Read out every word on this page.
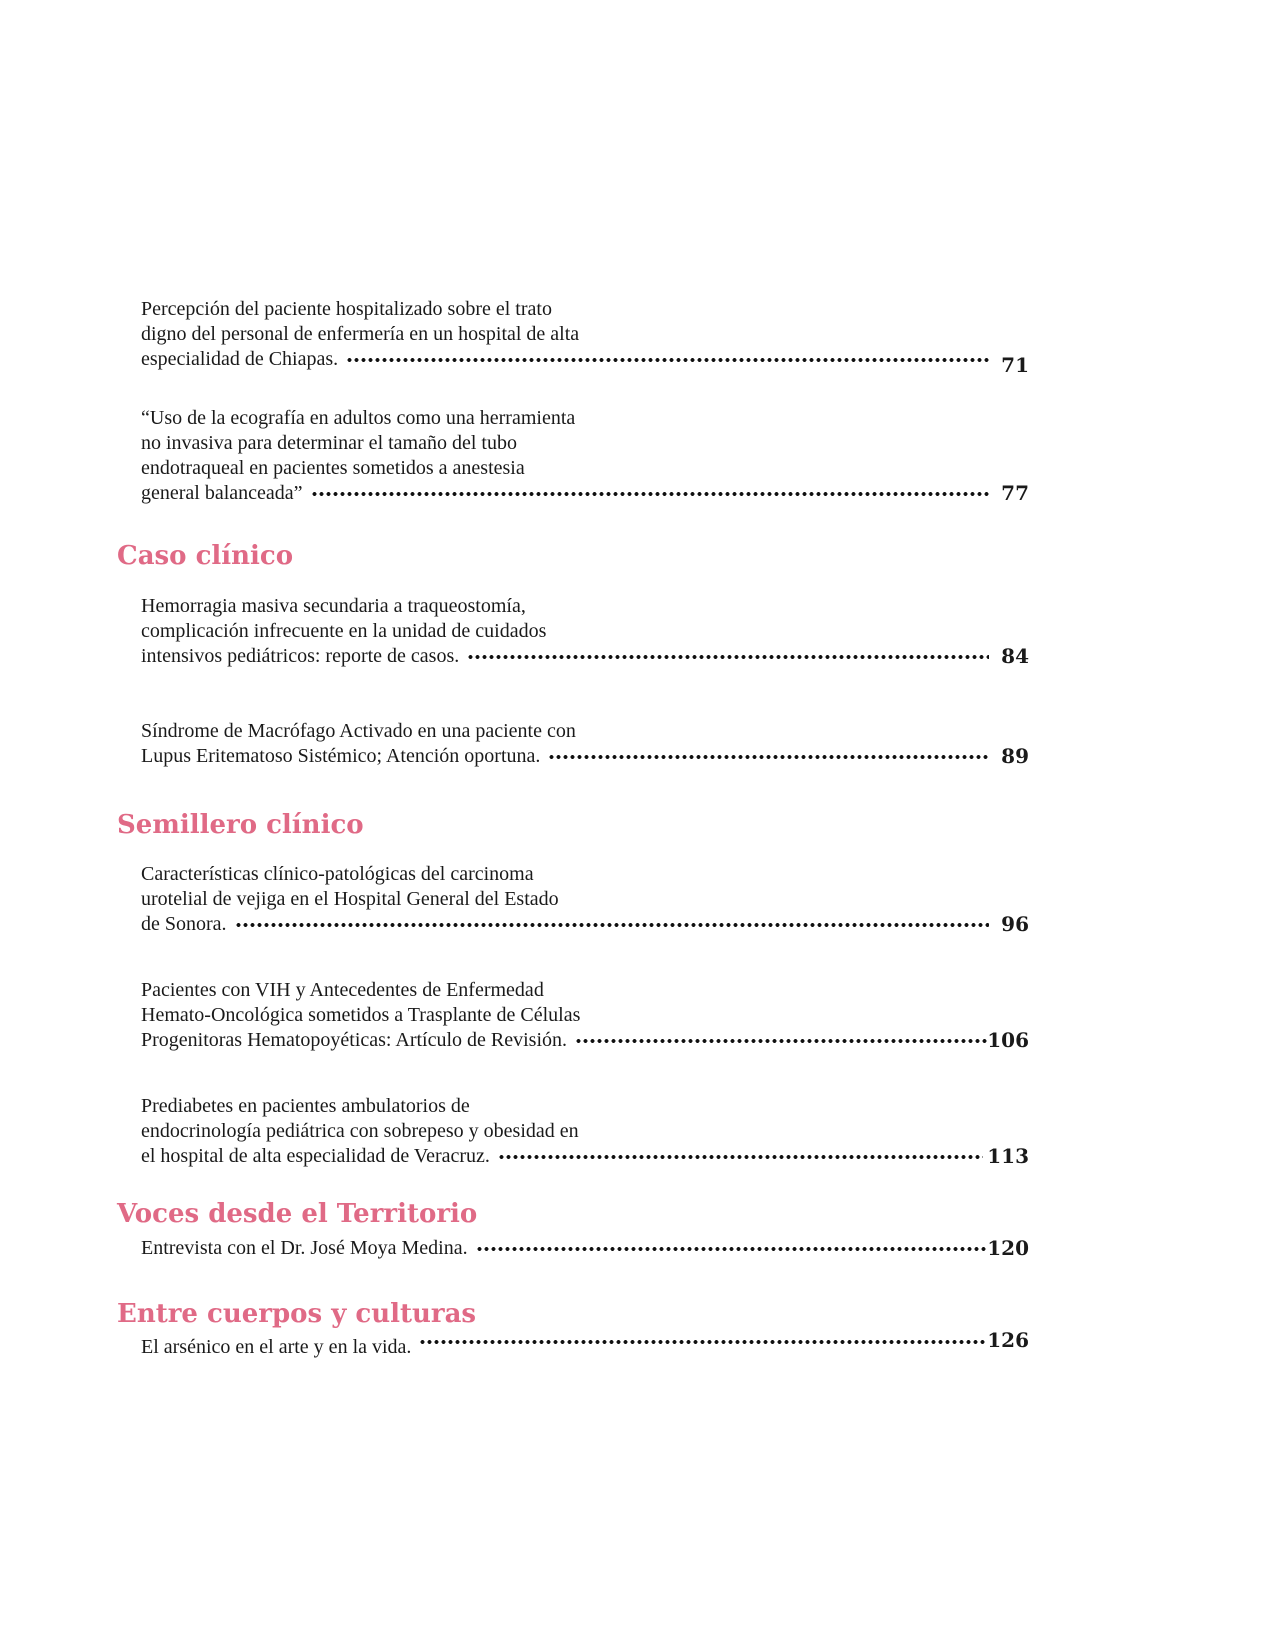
Percepción del paciente hospitalizado sobre el trato
digno del personal de enfermería en un hospital de alta
especialidad de Chiapas.	71
“Uso de la ecografía en adultos como una herramienta
no invasiva para determinar el tamaño del tubo
endotraqueal en pacientes sometidos a anestesia
general balanceada”	77
Caso clínico
Hemorragia masiva secundaria a traqueostomía,
complicación infrecuente en la unidad de cuidados
intensivos pediátricos: reporte de casos.	84
Síndrome de Macrófago Activado en una paciente con
Lupus Eritematoso Sistémico; Atención oportuna.	89
Semillero clínico
Características clínico-patológicas del carcinoma
urotelial de vejiga en el Hospital General del Estado
de Sonora.	96
Pacientes con VIH y Antecedentes de Enfermedad
Hemato-Oncológica sometidos a Trasplante de Células
Progenitoras Hematopoyéticas: Artículo de Revisión.	106
Prediabetes en pacientes ambulatorios de
endocrinología pediátrica con sobrepeso y obesidad en
el hospital de alta especialidad de Veracruz.	113
Voces desde el Territorio
Entrevista con el Dr. José Moya Medina.	120
Entre cuerpos y culturas
El arsénico en el arte y en la vida.	126
